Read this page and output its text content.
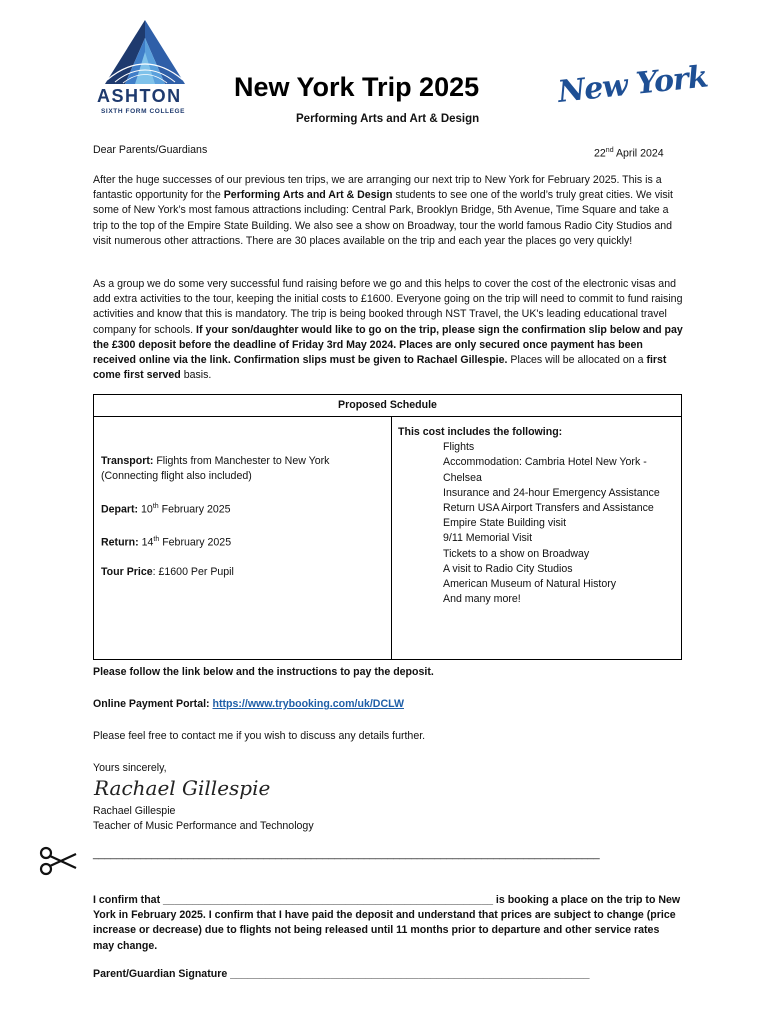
ASHTON
SIXTH FORM COLLEGE
New York Trip 2025
Performing Arts and Art & Design
New York
Dear Parents/Guardians	22nd April 2024
After the huge successes of our previous ten trips, we are arranging our next trip to New York for February 2025. This is a fantastic opportunity for the Performing Arts and Art & Design students to see one of the world’s truly great cities. We visit some of New York’s most famous attractions including: Central Park, Brooklyn Bridge, 5th Avenue, Time Square and take a trip to the top of the Empire State Building. We also see a show on Broadway, tour the world famous Radio City Studios and visit numerous other attractions. There are 30 places available on the trip and each year the places go very quickly!
As a group we do some very successful fund raising before we go and this helps to cover the cost of the electronic visas and add extra activities to the tour, keeping the initial costs to £1600. Everyone going on the trip will need to commit to fund raising activities and know that this is mandatory. The trip is being booked through NST Travel, the UK's leading educational travel company for schools. If your son/daughter would like to go on the trip, please sign the confirmation slip below and pay the £300 deposit before the deadline of Friday 3rd May 2024. Places are only secured once payment has been received online via the link. Confirmation slips must be given to Rachael Gillespie. Places will be allocated on a first come first served basis.
Proposed Schedule

Transport: Flights from Manchester to New York (Connecting flight also included)
Depart: 10th February 2025
Return: 14th February 2025
Tour Price: £1600 Per Pupil

This cost includes the following:
Flights
Accommodation: Cambria Hotel New York - Chelsea
Insurance and 24-hour Emergency Assistance
Return USA Airport Transfers and Assistance
Empire State Building visit
9/11 Memorial Visit
Tickets to a show on Broadway
A visit to Radio City Studios
American Museum of Natural History
And many more!
Please follow the link below and the instructions to pay the deposit.
Online Payment Portal: https://www.trybooking.com/uk/DCLW
Please feel free to contact me if you wish to discuss any details further.
Yours sincerely,
Rachael Gillespie
Rachael Gillespie
Teacher of Music Performance and Technology
______________________________________________________________________________________
I confirm that ________________________________________________________ is booking a place on the trip to New York in February 2025. I confirm that I have paid the deposit and understand that prices are subject to change (price increase or decrease) due to flights not being released until 11 months prior to departure and other service rates may change.
Parent/Guardian Signature _____________________________________________________________
